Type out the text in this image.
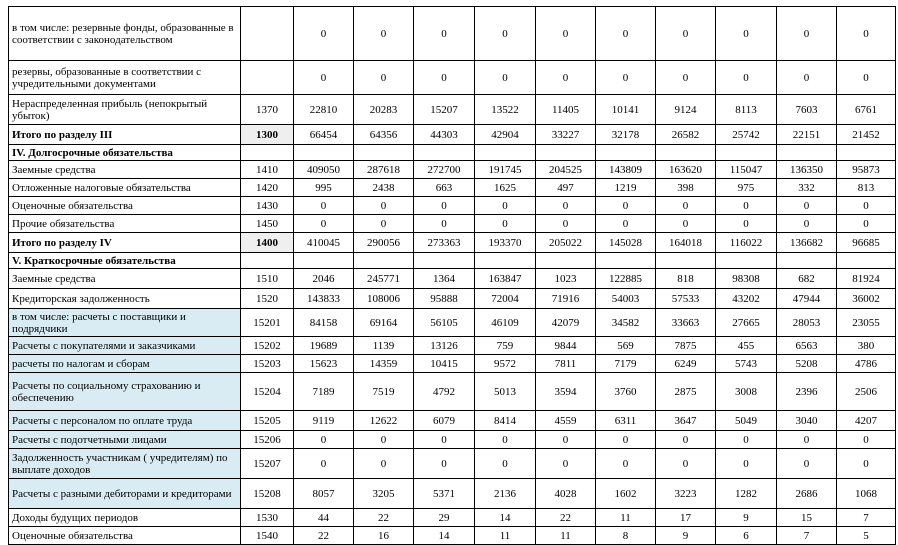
в том числе: резервные фонды, образованные в соответствии с законодательством		0	0	0	0	0	0	0	0	0	0
резервы, образованные в соответствии с учредительными документами		0	0	0	0	0	0	0	0	0	0
Нераспределенная прибыль (непокрытый убыток)	1370	22810	20283	15207	13522	11405	10141	9124	8113	7603	6761
Итого по разделу III	1300	66454	64356	44303	42904	33227	32178	26582	25742	22151	21452
IV. Долгосрочные обязательства											
Заемные средства	1410	409050	287618	272700	191745	204525	143809	163620	115047	136350	95873
Отложенные налоговые обязательства	1420	995	2438	663	1625	497	1219	398	975	332	813
Оценочные обязательства	1430	0	0	0	0	0	0	0	0	0	0
Прочие обязательства	1450	0	0	0	0	0	0	0	0	0	0
Итого по разделу IV	1400	410045	290056	273363	193370	205022	145028	164018	116022	136682	96685
V. Краткосрочные обязательства											
Заемные средства	1510	2046	245771	1364	163847	1023	122885	818	98308	682	81924
Кредиторская задолженность	1520	143833	108006	95888	72004	71916	54003	57533	43202	47944	36002
в том числе: расчеты с поставщики и подрядчики	15201	84158	69164	56105	46109	42079	34582	33663	27665	28053	23055
Расчеты с покупателями и заказчиками	15202	19689	1139	13126	759	9844	569	7875	455	6563	380
расчеты по налогам и сборам	15203	15623	14359	10415	9572	7811	7179	6249	5743	5208	4786
Расчеты по социальному страхованию и обеспечению	15204	7189	7519	4792	5013	3594	3760	2875	3008	2396	2506
Расчеты с персоналом по оплате труда	15205	9119	12622	6079	8414	4559	6311	3647	5049	3040	4207
Расчеты с подотчетными лицами	15206	0	0	0	0	0	0	0	0	0	0
Задолженность участникам ( учредителям) по выплате доходов	15207	0	0	0	0	0	0	0	0	0	0
Расчеты с разными дебиторами и кредиторами	15208	8057	3205	5371	2136	4028	1602	3223	1282	2686	1068
Доходы будущих периодов	1530	44	22	29	14	22	11	17	9	15	7
Оценочные обязательства	1540	22	16	14	11	11	8	9	6	7	5
